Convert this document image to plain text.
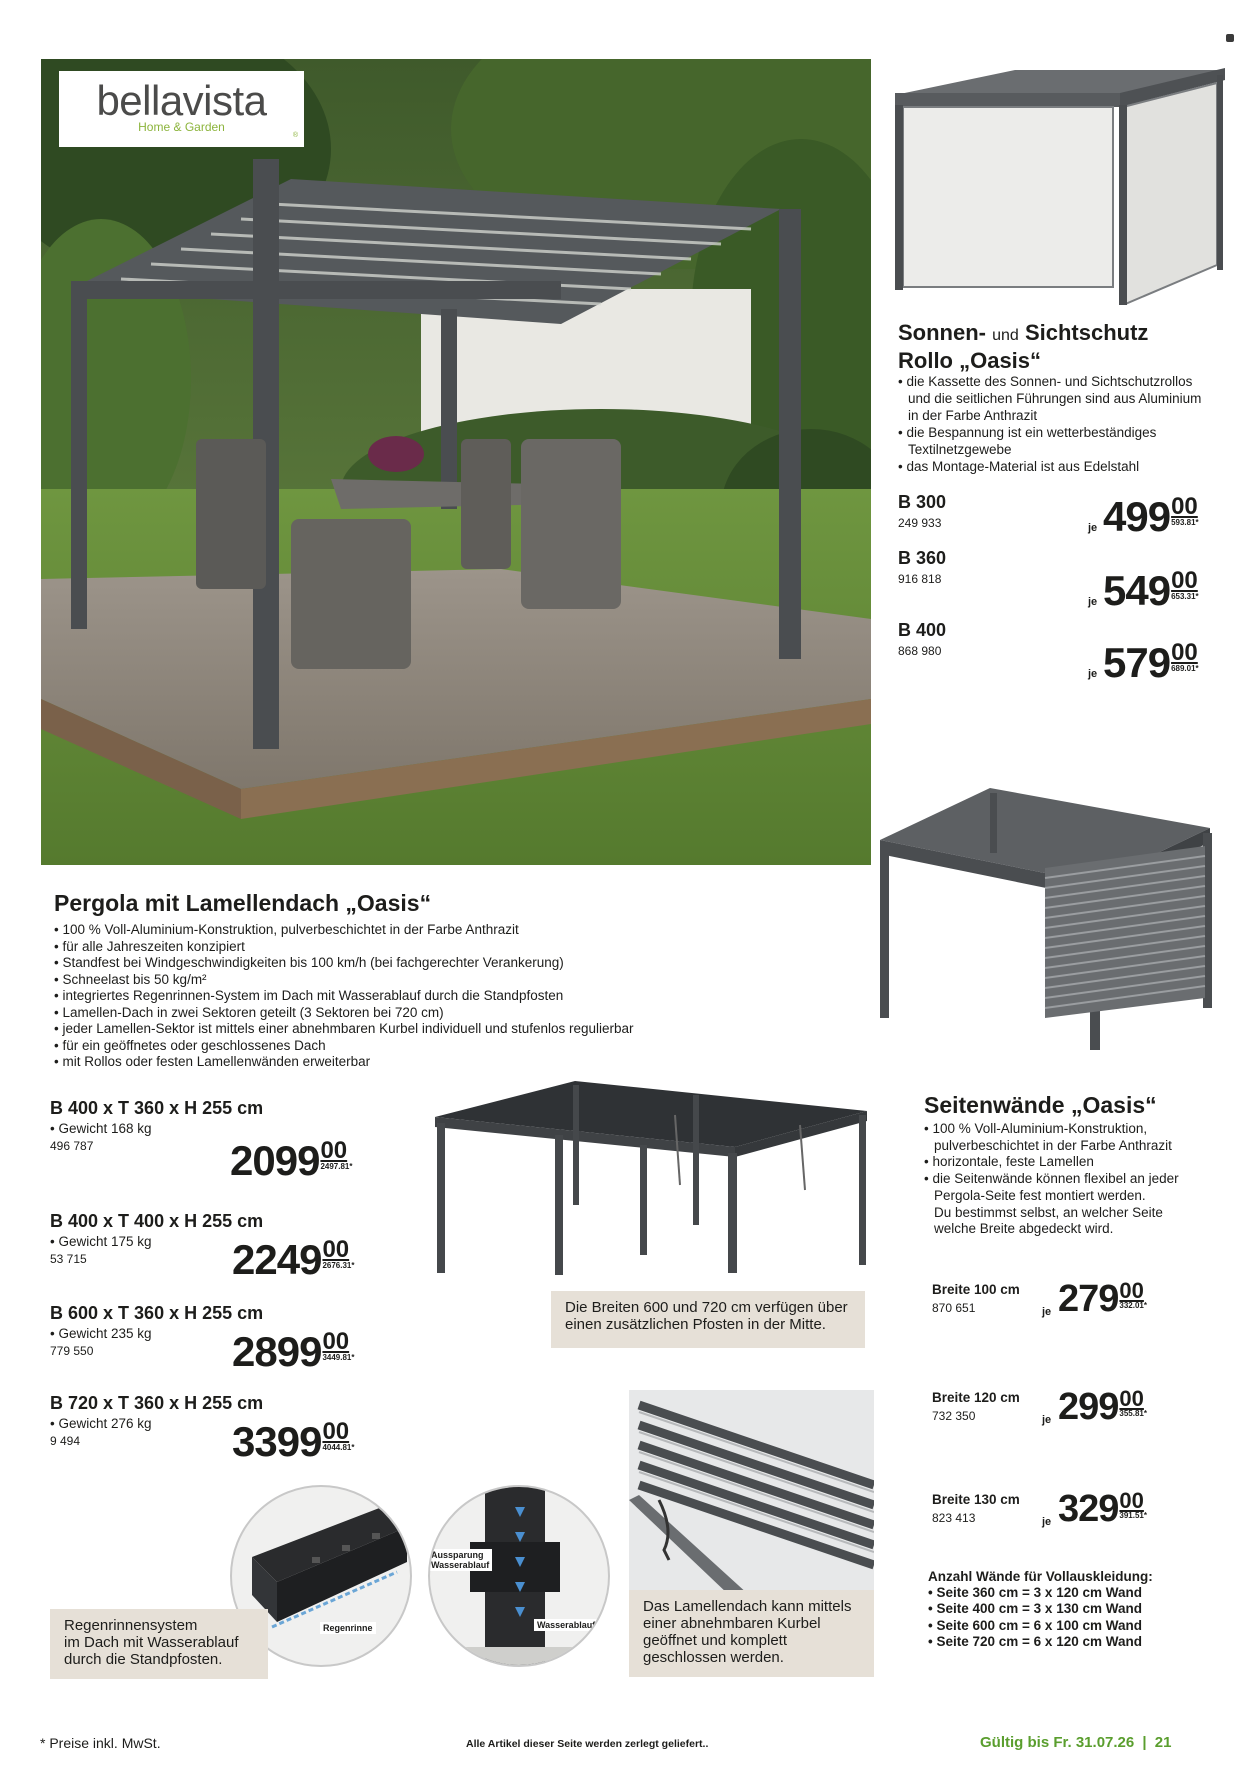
bellavista
Home & Garden
®
Sonnen- und Sichtschutz
Rollo „Oasis“
• die Kassette des Sonnen- und Sichtschutzrollos
und die seitlichen Führungen sind aus Aluminium
in der Farbe Anthrazit
• die Bespannung ist ein wetterbeständiges
Textilnetzgewebe
• das Montage-Material ist aus Edelstahl
B 300
249 933	je 499 00
593.81*
B 360
916 818
je 549 00
653.31*
B 400
868 980
je 579 00
689.01*
Pergola mit Lamellendach „Oasis“
• 100 % Voll-Aluminium-Konstruktion, pulverbeschichtet in der Farbe Anthrazit
• für alle Jahreszeiten konzipiert
• Standfest bei Windgeschwindigkeiten bis 100 km/h (bei fachgerechter Verankerung)
• Schneelast bis 50 kg/m²
• integriertes Regenrinnen-System im Dach mit Wasserablauf durch die Standpfosten
• Lamellen-Dach in zwei Sektoren geteilt (3 Sektoren bei 720 cm)
• jeder Lamellen-Sektor ist mittels einer abnehmbaren Kurbel individuell und stufenlos regulierbar
• für ein geöffnetes oder geschlossenes Dach
• mit Rollos oder festen Lamellenwänden erweiterbar
B 400 x T 360 x H 255 cm
• Gewicht 168 kg
496 787	2099 00
2497.81*
B 400 x T 400 x H 255 cm
• Gewicht 175 kg
53 715	2249 00
2676.31*
B 600 x T 360 x H 255 cm
• Gewicht 235 kg
779 550	2899 00
3449.81*
B 720 x T 360 x H 255 cm
• Gewicht 276 kg
9 494	3399 00
4044.81*
Die Breiten 600 und 720 cm verfügen über
einen zusätzlichen Pfosten in der Mitte.
Seitenwände „Oasis“
• 100 % Voll-Aluminium-Konstruktion,
pulverbeschichtet in der Farbe Anthrazit
• horizontale, feste Lamellen
• die Seitenwände können flexibel an jeder
Pergola-Seite fest montiert werden.
Du bestimmst selbst, an welcher Seite
welche Breite abgedeckt wird.
Breite 100 cm
870 651	je 279 00
332.01*
Breite 120 cm
732 350	je 299 00
355.81*
Breite 130 cm
823 413	je 329 00
391.51*
Anzahl Wände für Vollauskleidung:
• Seite 360 cm = 3 x 120 cm Wand
• Seite 400 cm = 3 x 130 cm Wand
• Seite 600 cm = 6 x 100 cm Wand
• Seite 720 cm = 6 x 120 cm Wand
Regenrinne
Aussparung
Wasserablauf
Wasserablauf
Regenrinnensystem
im Dach mit Wasserablauf
durch die Standpfosten.
Das Lamellendach kann mittels
einer abnehmbaren Kurbel
geöffnet und komplett
geschlossen werden.
* Preise inkl. MwSt.	Alle Artikel dieser Seite werden zerlegt geliefert..	Gültig bis Fr. 31.07.26 | 21
